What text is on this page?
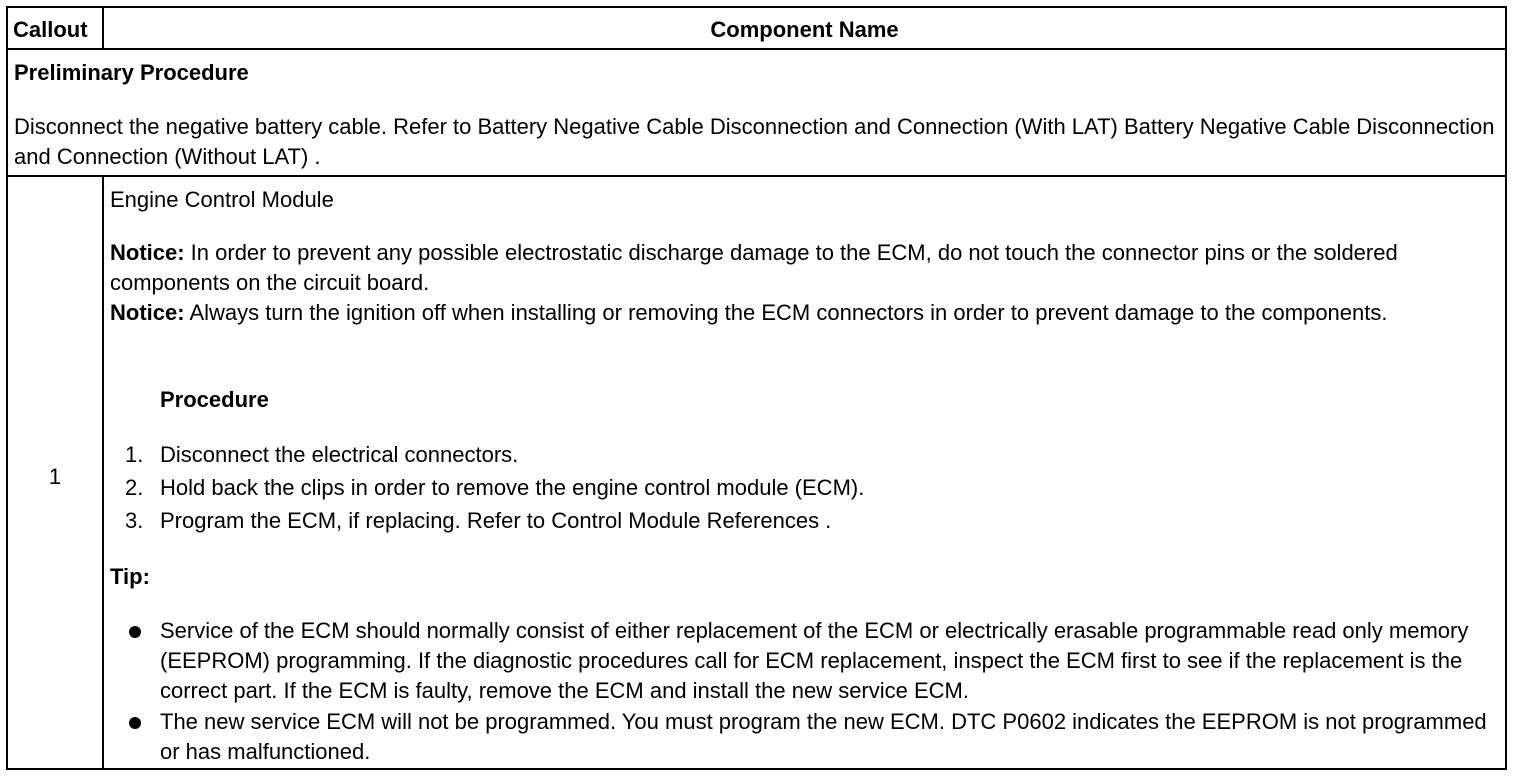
Callout	Component Name
Preliminary Procedure
Disconnect the negative battery cable. Refer to Battery Negative Cable Disconnection and Connection (With LAT) Battery Negative Cable Disconnection and Connection (Without LAT) .
1
Engine Control Module
Notice: In order to prevent any possible electrostatic discharge damage to the ECM, do not touch the connector pins or the soldered components on the circuit board.
Notice: Always turn the ignition off when installing or removing the ECM connectors in order to prevent damage to the components.
Procedure
1. Disconnect the electrical connectors.
2. Hold back the clips in order to remove the engine control module (ECM).
3. Program the ECM, if replacing. Refer to Control Module References .
Tip:
Service of the ECM should normally consist of either replacement of the ECM or electrically erasable programmable read only memory (EEPROM) programming. If the diagnostic procedures call for ECM replacement, inspect the ECM first to see if the replacement is the correct part. If the ECM is faulty, remove the ECM and install the new service ECM.
The new service ECM will not be programmed. You must program the new ECM. DTC P0602 indicates the EEPROM is not programmed or has malfunctioned.
